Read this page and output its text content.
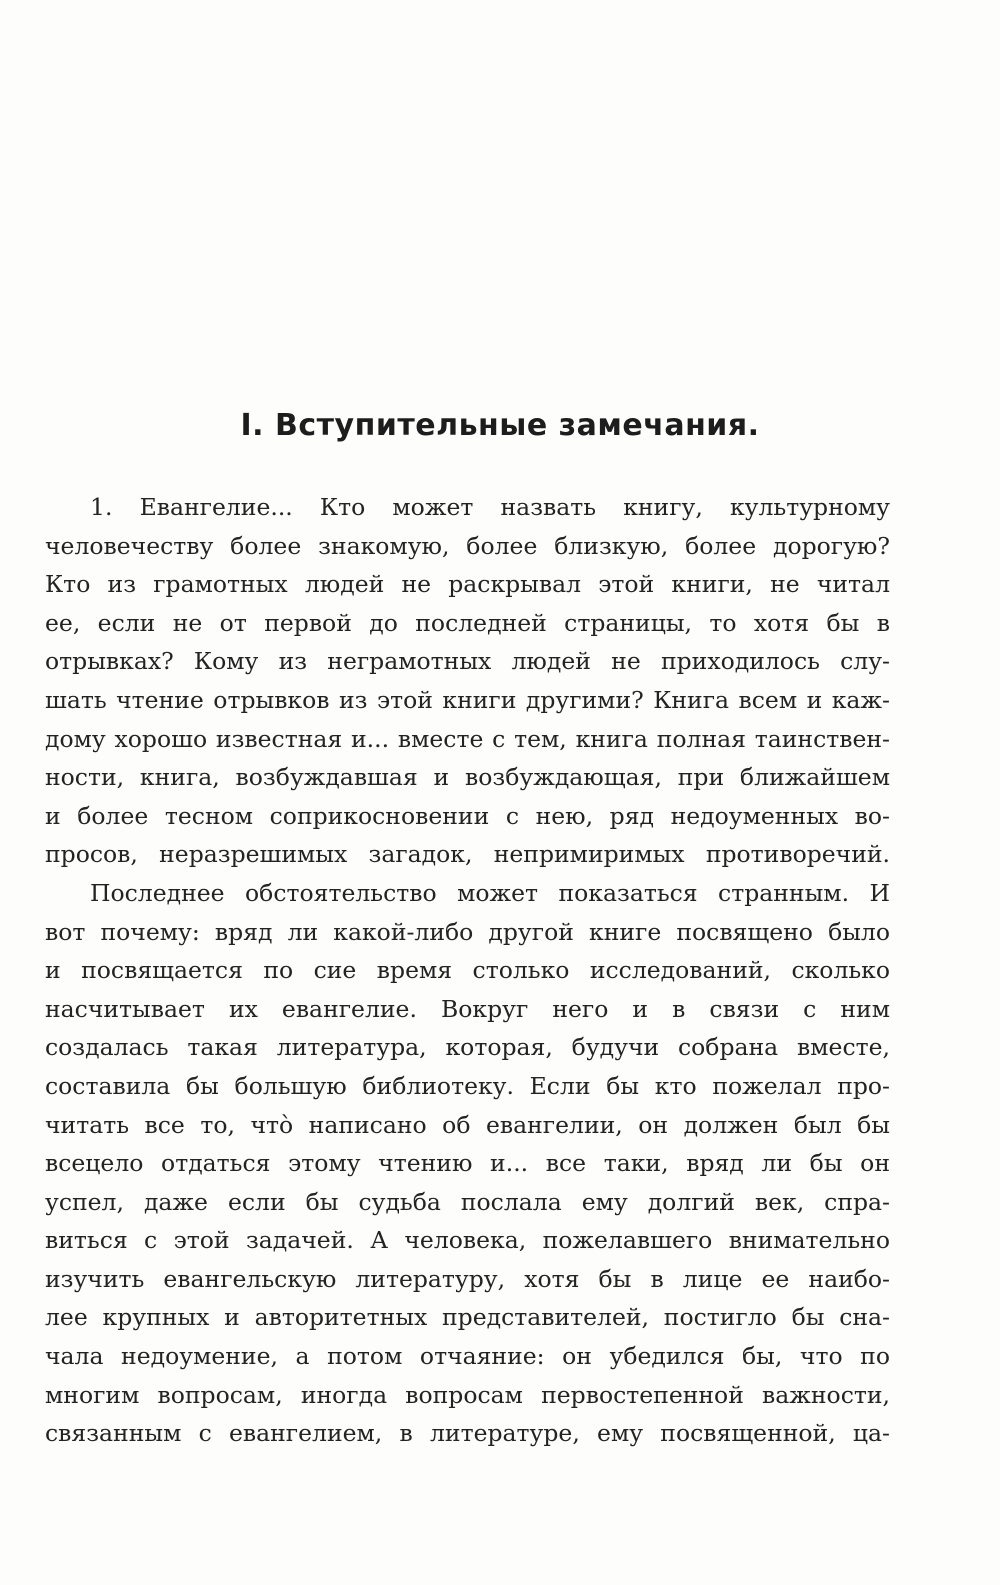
I. Вступительные замечания.
1. Евангелие... Кто может назвать книгу, культурному
человечеству более знакомую, более близкую, более дорогую?
Кто из грамотных людей не раскрывал этой книги, не читал
ее, если не от первой до последней страницы, то хотя бы в
отрывках? Кому из неграмотных людей не приходилось слу-
шать чтение отрывков из этой книги другими? Книга всем и каж-
дому хорошо известная и... вместе с тем, книга полная таинствен-
ности, книга, возбуждавшая и возбуждающая, при ближайшем
и более тесном соприкосновении с нею, ряд недоуменных во-
просов, неразрешимых загадок, непримиримых противоречий.
Последнее обстоятельство может показаться странным. И
вот почему: вряд ли какой-либо другой книге посвящено было
и посвящается по сие время столько исследований, сколько
насчитывает их евангелие. Вокруг него и в связи с ним
создалась такая литература, которая, будучи собрана вместе,
составила бы большую библиотеку. Если бы кто пожелал про-
читать все то, что̀ написано об евангелии, он должен был бы
всецело отдаться этому чтению и... все таки, вряд ли бы он
успел, даже если бы судьба послала ему долгий век, спра-
виться с этой задачей. А человека, пожелавшего внимательно
изучить евангельскую литературу, хотя бы в лице ее наибо-
лее крупных и авторитетных представителей, постигло бы сна-
чала недоумение, а потом отчаяние: он убедился бы, что по
многим вопросам, иногда вопросам первостепенной важности,
связанным с евангелием, в литературе, ему посвященной, ца-
